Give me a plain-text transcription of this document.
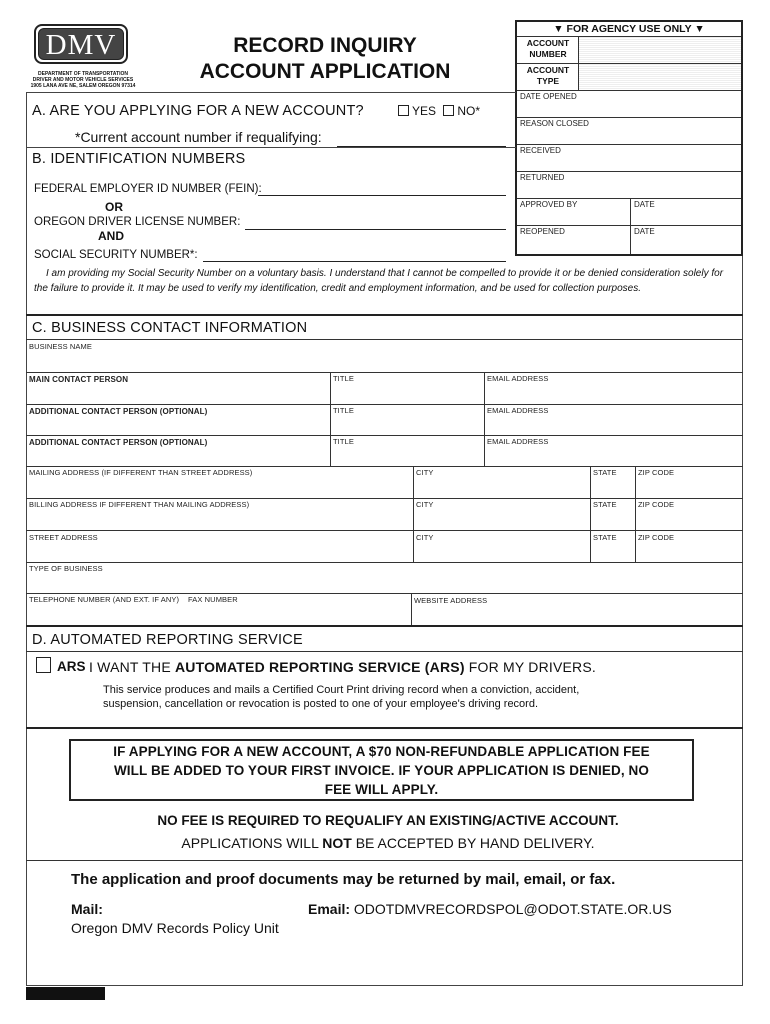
DMV
DEPARTMENT OF TRANSPORTATION
DRIVER AND MOTOR VEHICLE SERVICES
1905 LANA AVE NE, SALEM OREGON 97314
RECORD INQUIRY
ACCOUNT APPLICATION
▼ FOR AGENCY USE ONLY ▼
ACCOUNT NUMBER
ACCOUNT TYPE
DATE OPENED
REASON CLOSED
RECEIVED
RETURNED
APPROVED BY	DATE
REOPENED	DATE
A. ARE YOU APPLYING FOR A NEW ACCOUNT?	YES NO*
*Current account number if requalifying:
B. IDENTIFICATION NUMBERS
FEDERAL EMPLOYER ID NUMBER (FEIN):
OR
OREGON DRIVER LICENSE NUMBER:
AND
SOCIAL SECURITY NUMBER*:
I am providing my Social Security Number on a voluntary basis. I understand that I cannot be compelled to provide it or be denied consideration solely for the failure to provide it. It may be used to verify my identification, credit and employment information, and be used for collection purposes.
C. BUSINESS CONTACT INFORMATION
BUSINESS NAME
MAIN CONTACT PERSON	TITLE	EMAIL ADDRESS
ADDITIONAL CONTACT PERSON (OPTIONAL)	TITLE	EMAIL ADDRESS
ADDITIONAL CONTACT PERSON (OPTIONAL)	TITLE	EMAIL ADDRESS
MAILING ADDRESS (IF DIFFERENT THAN STREET ADDRESS)	CITY	STATE	ZIP CODE
BILLING ADDRESS IF DIFFERENT THAN MAILING ADDRESS)	CITY	STATE	ZIP CODE
STREET ADDRESS	CITY	STATE	ZIP CODE
TYPE OF BUSINESS
TELEPHONE NUMBER (AND EXT. IF ANY) FAX NUMBER	WEBSITE ADDRESS
D. AUTOMATED REPORTING SERVICE
ARS I WANT THE AUTOMATED REPORTING SERVICE (ARS) FOR MY DRIVERS.
This service produces and mails a Certified Court Print driving record when a conviction, accident,
suspension, cancellation or revocation is posted to one of your employee's driving record.
IF APPLYING FOR A NEW ACCOUNT, A $70 NON-REFUNDABLE APPLICATION FEE
WILL BE ADDED TO YOUR FIRST INVOICE. IF YOUR APPLICATION IS DENIED, NO
FEE WILL APPLY.
NO FEE IS REQUIRED TO REQUALIFY AN EXISTING/ACTIVE ACCOUNT.
APPLICATIONS WILL NOT BE ACCEPTED BY HAND DELIVERY.
The application and proof documents may be returned by mail, email, or fax.
Mail:
Oregon DMV Records Policy Unit
Email: ODOTDMVRECORDSPOL@ODOT.STATE.OR.US
